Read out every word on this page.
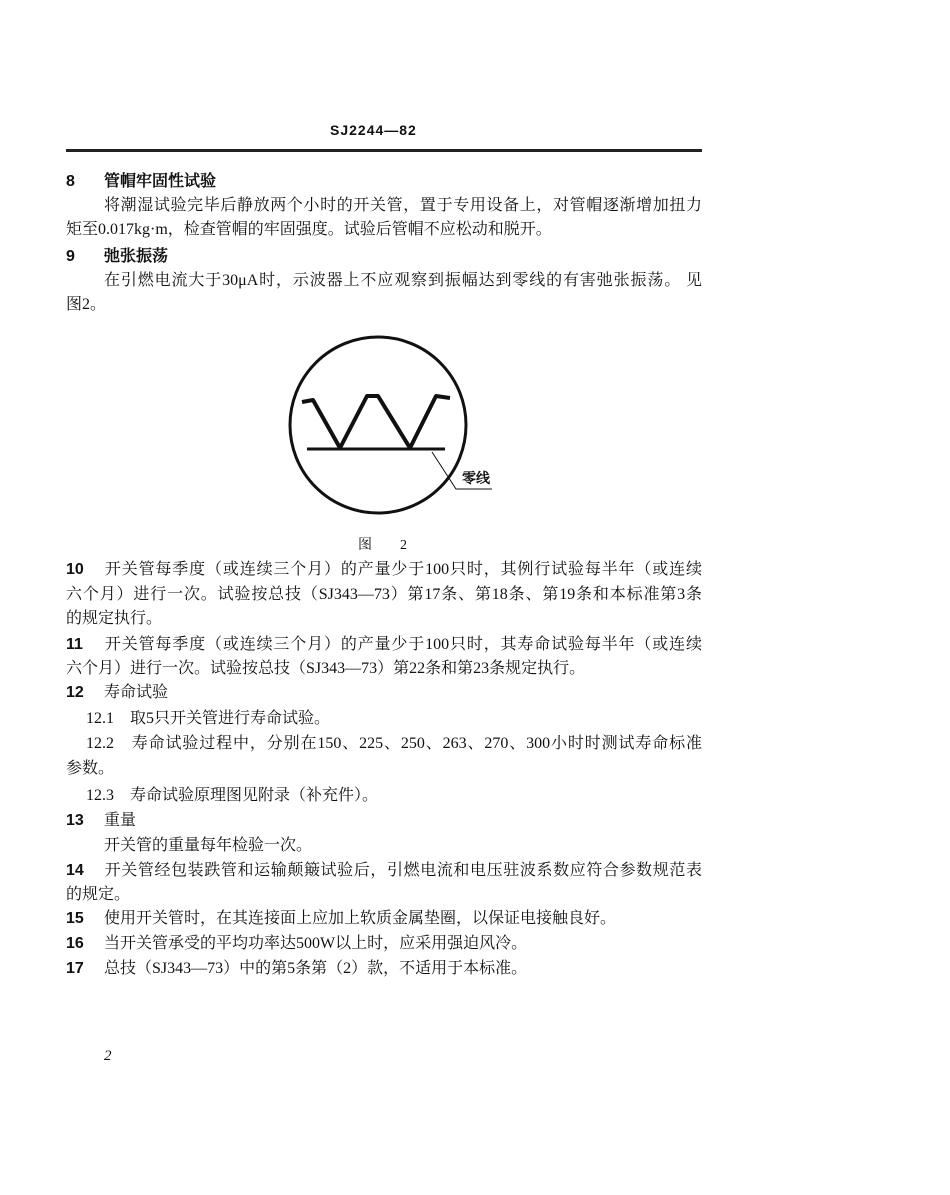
SJ2244—82
8 管帽牢固性试验
将潮湿试验完毕后静放两个小时的开关管，置于专用设备上，对管帽逐渐增加扭力
矩至0.017kg·m，检查管帽的牢固强度。试验后管帽不应松动和脱开。
9 弛张振荡
在引燃电流大于30μA时，示波器上不应观察到振幅达到零线的有害弛张振荡。 见
图2。
零线
图　　2
10 开关管每季度（或连续三个月）的产量少于100只时，其例行试验每半年（或连续
六个月）进行一次。试验按总技（SJ343—73）第17条、第18条、第19条和本标准第3条
的规定执行。
11 开关管每季度（或连续三个月）的产量少于100只时，其寿命试验每半年（或连续
六个月）进行一次。试验按总技（SJ343—73）第22条和第23条规定执行。
12 寿命试验
12.1　取5只开关管进行寿命试验。
12.2　寿命试验过程中，分别在150、225、250、263、270、300小时时测试寿命标准
参数。
12.3　寿命试验原理图见附录（补充件）。
13 重量
开关管的重量每年检验一次。
14 开关管经包装跌管和运输颠簸试验后，引燃电流和电压驻波系数应符合参数规范表
的规定。
15 使用开关管时，在其连接面上应加上软质金属垫圈，以保证电接触良好。
16 当开关管承受的平均功率达500W以上时，应采用强迫风冷。
17 总技（SJ343—73）中的第5条第（2）款，不适用于本标准。
2
